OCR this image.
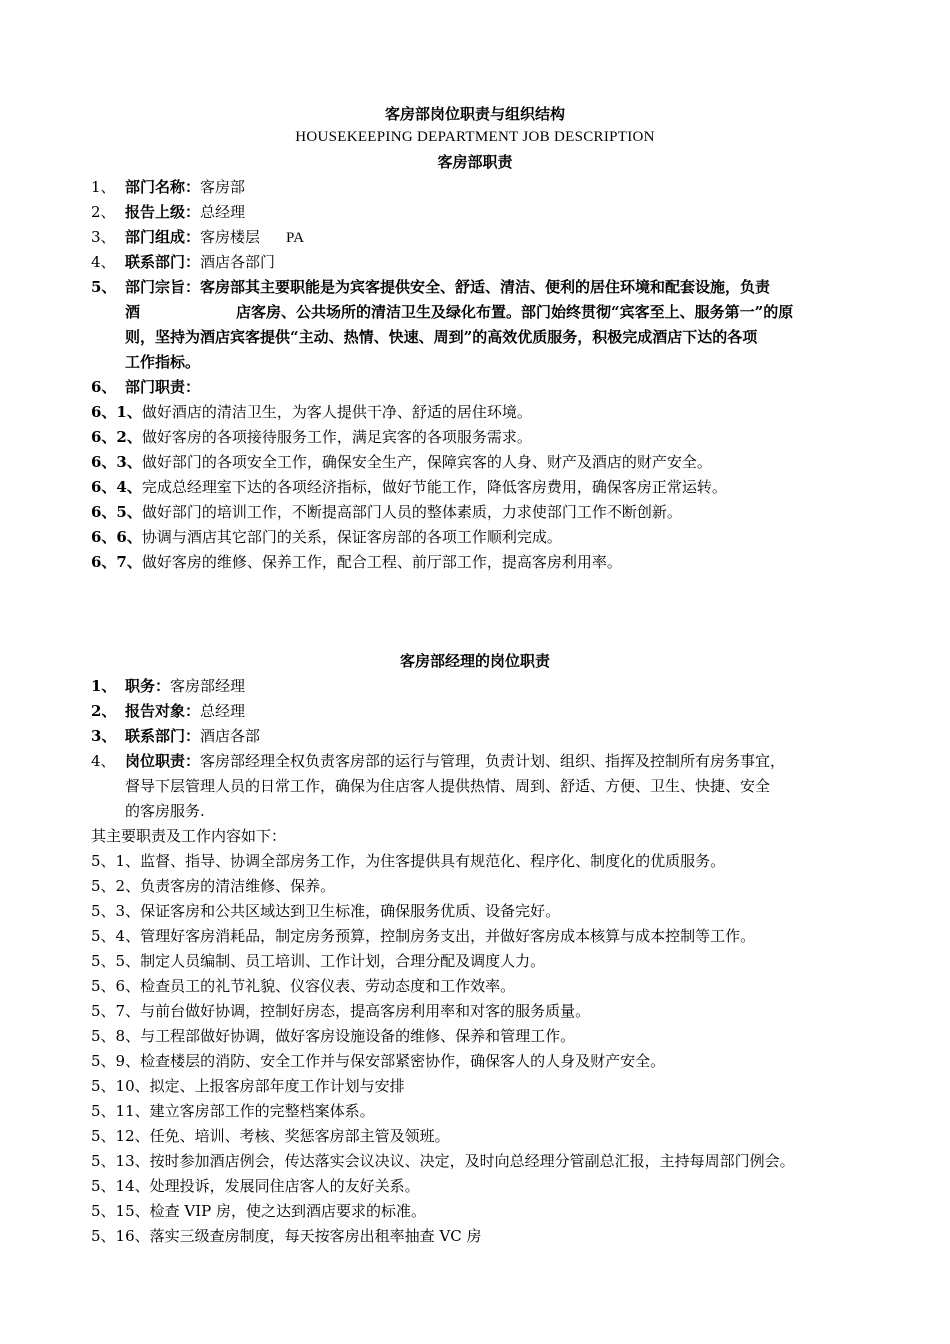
客房部岗位职责与组织结构
HOUSEKEEPING DEPARTMENT JOB DESCRIPTION
客房部职责
1、 部门名称：客房部
2、 报告上级：总经理
3、 部门组成：客房楼层 PA
4、 联系部门：酒店各部门
5、 部门宗旨：客房部其主要职能是为宾客提供安全、舒适、清洁、便利的居住环境和配套设施，负责
酒	店客房、公共场所的清洁卫生及绿化布置。部门始终贯彻“宾客至上、服务第一”的原
则，坚持为酒店宾客提供“主动、热情、快速、周到”的高效优质服务，积极完成酒店下达的各项
工作指标。
6、 部门职责：
6、1、做好酒店的清洁卫生，为客人提供干净、舒适的居住环境。
6、2、做好客房的各项接待服务工作，满足宾客的各项服务需求。
6、3、做好部门的各项安全工作，确保安全生产，保障宾客的人身、财产及酒店的财产安全。
6、4、完成总经理室下达的各项经济指标，做好节能工作，降低客房费用，确保客房正常运转。
6、5、做好部门的培训工作，不断提高部门人员的整体素质，力求使部门工作不断创新。
6、6、协调与酒店其它部门的关系，保证客房部的各项工作顺利完成。
6、7、做好客房的维修、保养工作，配合工程、前厅部工作，提高客房利用率。
客房部经理的岗位职责
1、 职务：客房部经理
2、 报告对象：总经理
3、 联系部门：酒店各部
4、 岗位职责：客房部经理全权负责客房部的运行与管理，负责计划、组织、指挥及控制所有房务事宜，
督导下层管理人员的日常工作，确保为住店客人提供热情、周到、舒适、方便、卫生、快捷、安全
的客房服务.
其主要职责及工作内容如下：
5、1、监督、指导、协调全部房务工作，为住客提供具有规范化、程序化、制度化的优质服务。
5、2、负责客房的清洁维修、保养。
5、3、保证客房和公共区域达到卫生标准，确保服务优质、设备完好。
5、4、管理好客房消耗品，制定房务预算，控制房务支出，并做好客房成本核算与成本控制等工作。
5、5、制定人员编制、员工培训、工作计划，合理分配及调度人力。
5、6、检查员工的礼节礼貌、仪容仪表、劳动态度和工作效率。
5、7、与前台做好协调，控制好房态，提高客房利用率和对客的服务质量。
5、8、与工程部做好协调，做好客房设施设备的维修、保养和管理工作。
5、9、检查楼层的消防、安全工作并与保安部紧密协作，确保客人的人身及财产安全。
5、10、拟定、上报客房部年度工作计划与安排
5、11、建立客房部工作的完整档案体系。
5、12、任免、培训、考核、奖惩客房部主管及领班。
5、13、按时参加酒店例会，传达落实会议决议、决定，及时向总经理分管副总汇报，主持每周部门例会。
5、14、处理投诉，发展同住店客人的友好关系。
5、15、检查 VIP 房，使之达到酒店要求的标准。
5、16、落实三级查房制度，每天按客房出租率抽查 VC 房
